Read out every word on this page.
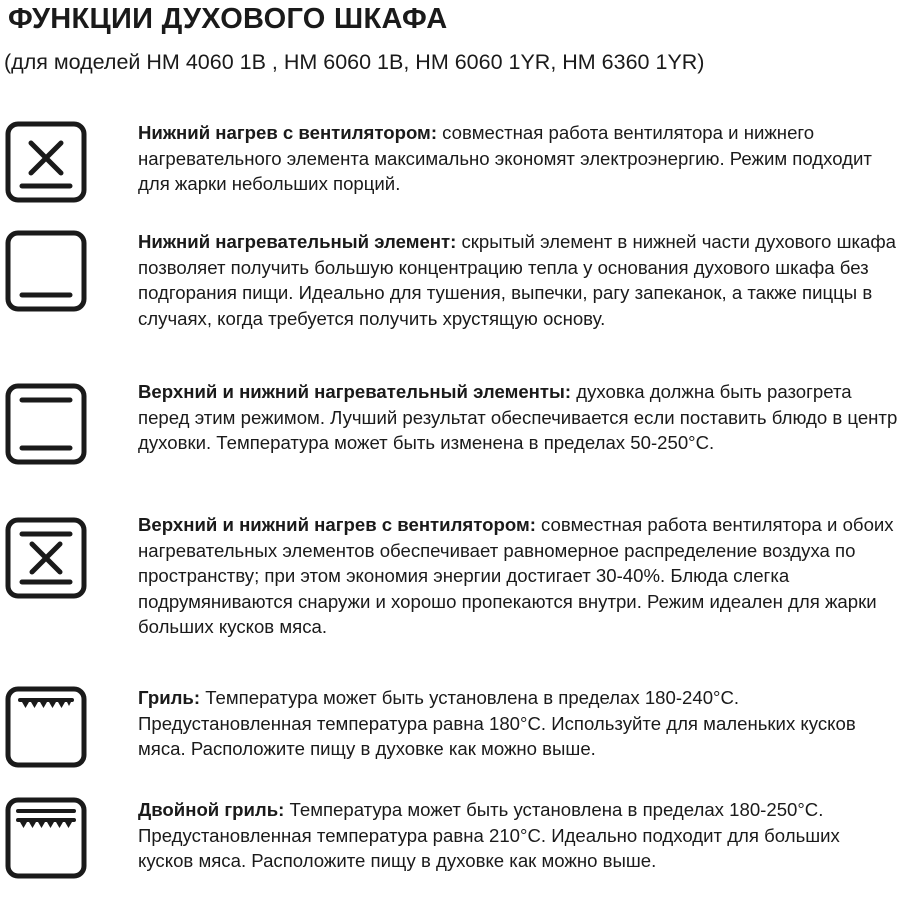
ФУНКЦИИ ДУХОВОГО ШКАФА
(для моделей HM 4060 1B , HM 6060 1B, HM 6060 1YR, HM 6360 1YR)
Нижний нагрев с вентилятором: совместная работа вентилятора и нижнего нагревательного элемента максимально экономят электроэнергию. Режим подходит для жарки небольших порций.
Нижний нагревательный элемент: скрытый элемент в нижней части духового шкафа позволяет получить большую концентрацию тепла у основания духового шкафа без подгорания пищи. Идеально для тушения, выпечки, рагу запеканок, а также пиццы в случаях, когда требуется получить хрустящую основу.
Верхний и нижний нагревательный элементы: духовка должна быть разогрета перед этим режимом. Лучший результат обеспечивается если поставить блюдо в центр духовки. Температура может быть изменена в пределах 50-250°C.
Верхний и нижний нагрев с вентилятором: совместная работа вентилятора и обоих нагревательных элементов обеспечивает равномерное распределение воздуха по пространству; при этом экономия энергии достигает 30-40%. Блюда слегка подрумяниваются снаружи и хорошо пропекаются внутри. Режим идеален для жарки больших кусков мяса.
Гриль: Температура может быть установлена в пределах 180-240°C. Предустановленная температура равна 180°C. Используйте для маленьких кусков мяса. Расположите пищу в духовке как можно выше.
Двойной гриль: Температура может быть установлена в пределах 180-250°C. Предустановленная температура равна 210°C. Идеально подходит для больших кусков мяса. Расположите пищу в духовке как можно выше.
